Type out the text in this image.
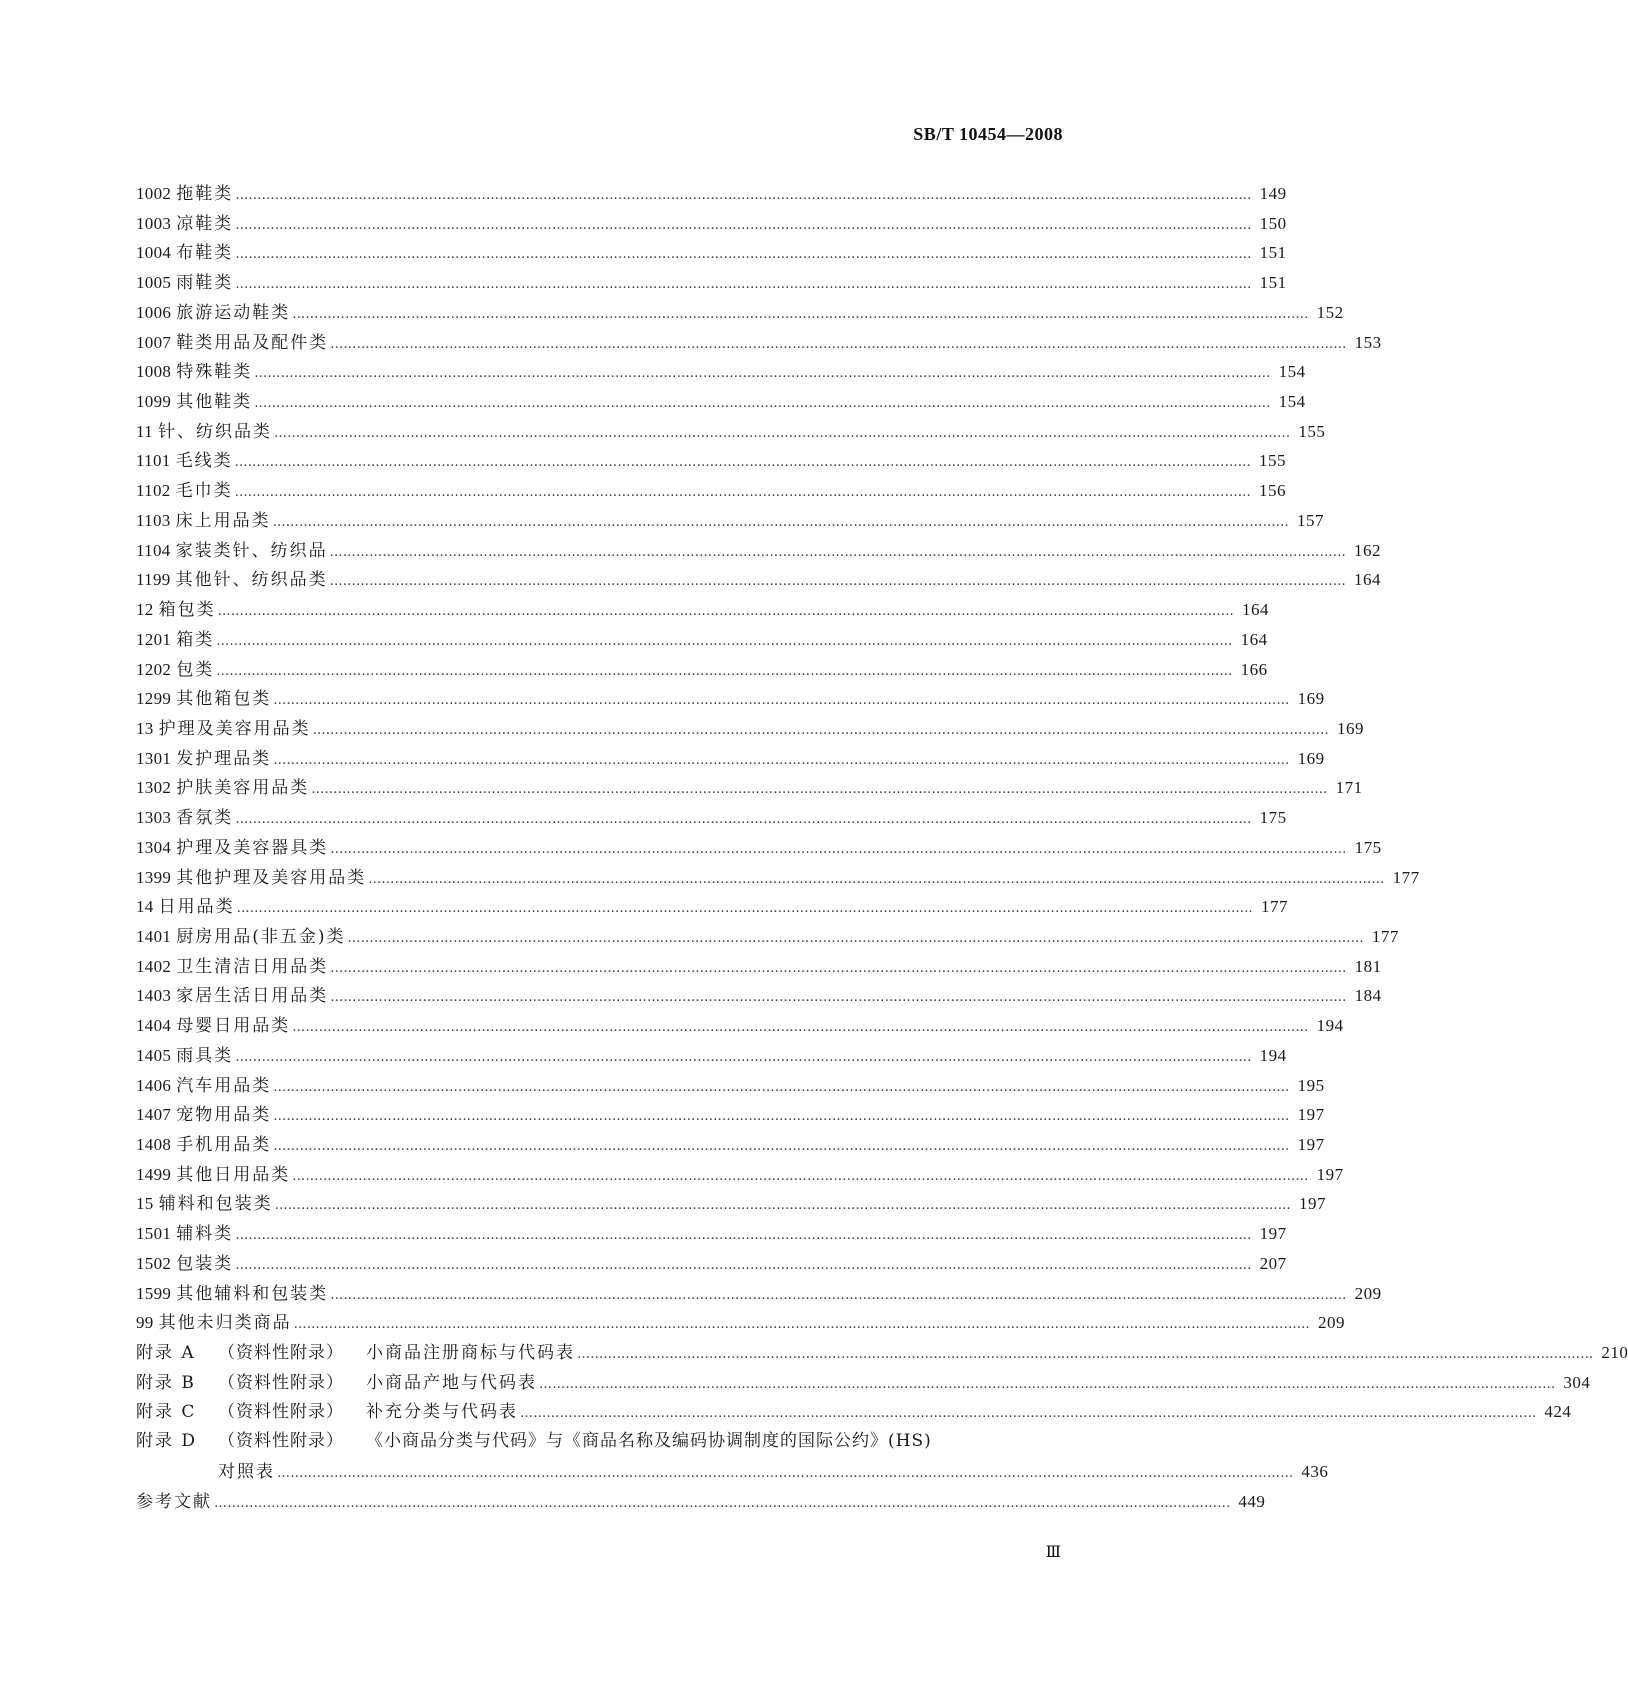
SB/T 10454—2008
1002 拖鞋类 …………………………………………………………………………………………………………………………………………………………………………………………………………… 149
1003 凉鞋类 …………………………………………………………………………………………………………………………………………………………………………………………………………… 150
1004 布鞋类 …………………………………………………………………………………………………………………………………………………………………………………………………………… 151
1005 雨鞋类 …………………………………………………………………………………………………………………………………………………………………………………………………………… 151
1006 旅游运动鞋类 …………………………………………………………………………………………………………………………………………………………………………………………………………… 152
1007 鞋类用品及配件类 …………………………………………………………………………………………………………………………………………………………………………………………………………… 153
1008 特殊鞋类 …………………………………………………………………………………………………………………………………………………………………………………………………………… 154
1099 其他鞋类 …………………………………………………………………………………………………………………………………………………………………………………………………………… 154
11 针、纺织品类 …………………………………………………………………………………………………………………………………………………………………………………………………………… 155
1101 毛线类 …………………………………………………………………………………………………………………………………………………………………………………………………………… 155
1102 毛巾类 …………………………………………………………………………………………………………………………………………………………………………………………………………… 156
1103 床上用品类 …………………………………………………………………………………………………………………………………………………………………………………………………………… 157
1104 家装类针、纺织品 …………………………………………………………………………………………………………………………………………………………………………………………………………… 162
1199 其他针、纺织品类 …………………………………………………………………………………………………………………………………………………………………………………………………………… 164
12 箱包类 …………………………………………………………………………………………………………………………………………………………………………………………………………… 164
1201 箱类 …………………………………………………………………………………………………………………………………………………………………………………………………………… 164
1202 包类 …………………………………………………………………………………………………………………………………………………………………………………………………………… 166
1299 其他箱包类 …………………………………………………………………………………………………………………………………………………………………………………………………………… 169
13 护理及美容用品类 …………………………………………………………………………………………………………………………………………………………………………………………………………… 169
1301 发护理品类 …………………………………………………………………………………………………………………………………………………………………………………………………………… 169
1302 护肤美容用品类 …………………………………………………………………………………………………………………………………………………………………………………………………………… 171
1303 香氛类 …………………………………………………………………………………………………………………………………………………………………………………………………………… 175
1304 护理及美容器具类 …………………………………………………………………………………………………………………………………………………………………………………………………………… 175
1399 其他护理及美容用品类 …………………………………………………………………………………………………………………………………………………………………………………………………………… 177
14 日用品类 …………………………………………………………………………………………………………………………………………………………………………………………………………… 177
1401 厨房用品(非五金)类 …………………………………………………………………………………………………………………………………………………………………………………………………………… 177
1402 卫生清洁日用品类 …………………………………………………………………………………………………………………………………………………………………………………………………………… 181
1403 家居生活日用品类 …………………………………………………………………………………………………………………………………………………………………………………………………………… 184
1404 母婴日用品类 …………………………………………………………………………………………………………………………………………………………………………………………………………… 194
1405 雨具类 …………………………………………………………………………………………………………………………………………………………………………………………………………… 194
1406 汽车用品类 …………………………………………………………………………………………………………………………………………………………………………………………………………… 195
1407 宠物用品类 …………………………………………………………………………………………………………………………………………………………………………………………………………… 197
1408 手机用品类 …………………………………………………………………………………………………………………………………………………………………………………………………………… 197
1499 其他日用品类 …………………………………………………………………………………………………………………………………………………………………………………………………………… 197
15 辅料和包装类 …………………………………………………………………………………………………………………………………………………………………………………………………………… 197
1501 辅料类 …………………………………………………………………………………………………………………………………………………………………………………………………………… 197
1502 包装类 …………………………………………………………………………………………………………………………………………………………………………………………………………… 207
1599 其他辅料和包装类 …………………………………………………………………………………………………………………………………………………………………………………………………………… 209
99 其他未归类商品 …………………………………………………………………………………………………………………………………………………………………………………………………………… 209
附录 A	（资料性附录） 小商品注册商标与代码表 …………………………………………………………………………………………………………………………………………………………………………………………………………… 210
附录 B	（资料性附录） 小商品产地与代码表 …………………………………………………………………………………………………………………………………………………………………………………………………………… 304
附录 C	（资料性附录） 补充分类与代码表 …………………………………………………………………………………………………………………………………………………………………………………………………………… 424
附录 D	（资料性附录） 《小商品分类与代码》与《商品名称及编码协调制度的国际公约》(HS)
对照表 …………………………………………………………………………………………………………………………………………………………………………………………………………… 436
参考文献 …………………………………………………………………………………………………………………………………………………………………………………………………………… 449
Ⅲ
